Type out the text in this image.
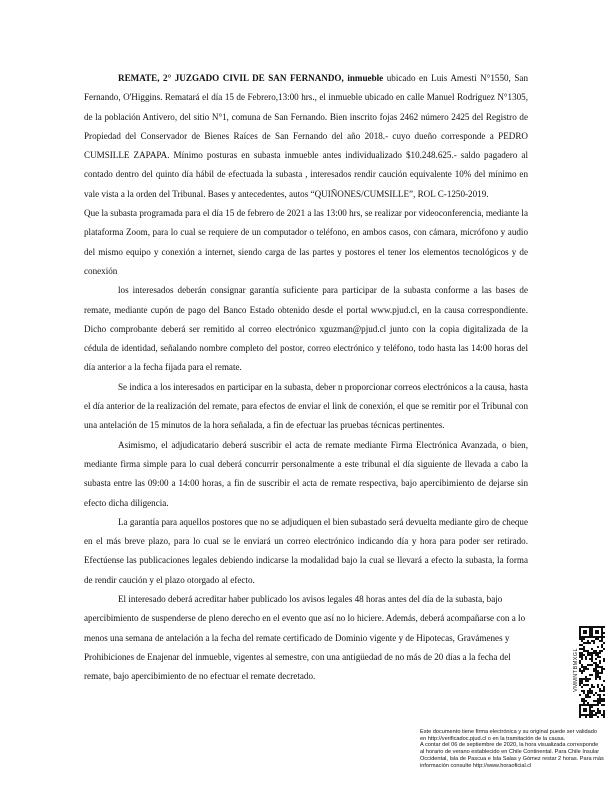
REMATE, 2° JUZGADO CIVIL DE SAN FERNANDO, inmueble ubicado en Luis Amesti N°1550, San Fernando, O'Higgins. Rematará el día 15 de Febrero,13:00 hrs., el inmueble ubicado en calle Manuel Rodríguez N°1305, de la población Antivero, del sitio N°1, comuna de San Fernando. Bien inscrito fojas 2462 número 2425 del Registro de Propiedad del Conservador de Bienes Raíces de San Fernando del año 2018.- cuyo dueño corresponde a PEDRO CUMSILLE ZAPAPA. Mínimo posturas en subasta inmueble antes individualizado $10.248.625.- saldo pagadero al contado dentro del quinto día hábil de efectuada la subasta , interesados rendir caución equivalente 10% del mínimo en vale vista a la orden del Tribunal. Bases y antecedentes, autos “QUIÑONES/CUMSILLE”, ROL C-1250-2019.

Que la subasta programada para el día 15 de febrero de 2021 a las 13:00 hrs, se realizar por videoconferencia, mediante la plataforma Zoom, para lo cual se requiere de un computador o teléfono, en ambos casos, con cámara, micrófono y audio del mismo equipo y conexión a internet, siendo carga de las partes y postores el tener los elementos tecnológicos y de conexión

los interesados deberán consignar garantía suficiente para participar de la subasta conforme a las bases de remate, mediante cupón de pago del Banco Estado obtenido desde el portal www.pjud.cl, en la causa correspondiente. Dicho comprobante deberá ser remitido al correo electrónico xguzman@pjud.cl junto con la copia digitalizada de la cédula de identidad, señalando nombre completo del postor, correo electrónico y teléfono, todo hasta las 14:00 horas del día anterior a la fecha fijada para el remate.

Se indica a los interesados en participar en la subasta, deber n proporcionar correos electrónicos a la causa, hasta el día anterior de la realización del remate, para efectos de enviar el link de conexión, el que se remitir por el Tribunal con una antelación de 15 minutos de la hora señalada, a fin de efectuar las pruebas técnicas pertinentes.

Asimismo, el adjudicatario deberá suscribir el acta de remate mediante Firma Electrónica Avanzada, o bien, mediante firma simple para lo cual deberá concurrir personalmente a este tribunal el día siguiente de llevada a cabo la subasta entre las 09:00 a 14:00 horas, a fin de suscribir el acta de remate respectiva, bajo apercibimiento de dejarse sin efecto dicha diligencia.

La garantía para aquellos postores que no se adjudiquen el bien subastado será devuelta mediante giro de cheque en el más breve plazo, para lo cual se le enviará un correo electrónico indicando día y hora para poder ser retirado. Efectúense las publicaciones legales debiendo indicarse la modalidad bajo la cual se llevará a efecto la subasta, la forma de rendir caución y el plazo otorgado al efecto.

El interesado deberá acreditar haber publicado los avisos legales 48 horas antes del día de la subasta, bajo apercibimiento de suspenderse de pleno derecho en el evento que así no lo hiciere. Además, deberá acompañarse con a lo menos una semana de antelación a la fecha del remate certificado de Dominio vigente y de Hipotecas, Gravámenes y Prohibiciones de Enajenar del inmueble, vigentes al semestre, con una antigüedad de no más de 20 días a la fecha del remate, bajo apercibimiento de no efectuar el remate decretado.	VMMNTBMXGL

Este documento tiene firma electrónica y su original puede ser validado en http://verificadoc.pjud.cl o en la tramitación de la causa.

A contar del 06 de septiembre de 2020, la hora visualizada corresponde al horario de verano establecido en Chile Continental. Para Chile Insular Occidental, Isla de Pascua e Isla Salas y Gómez restar 2 horas. Para más información consulte http://www.horaoficial.cl
